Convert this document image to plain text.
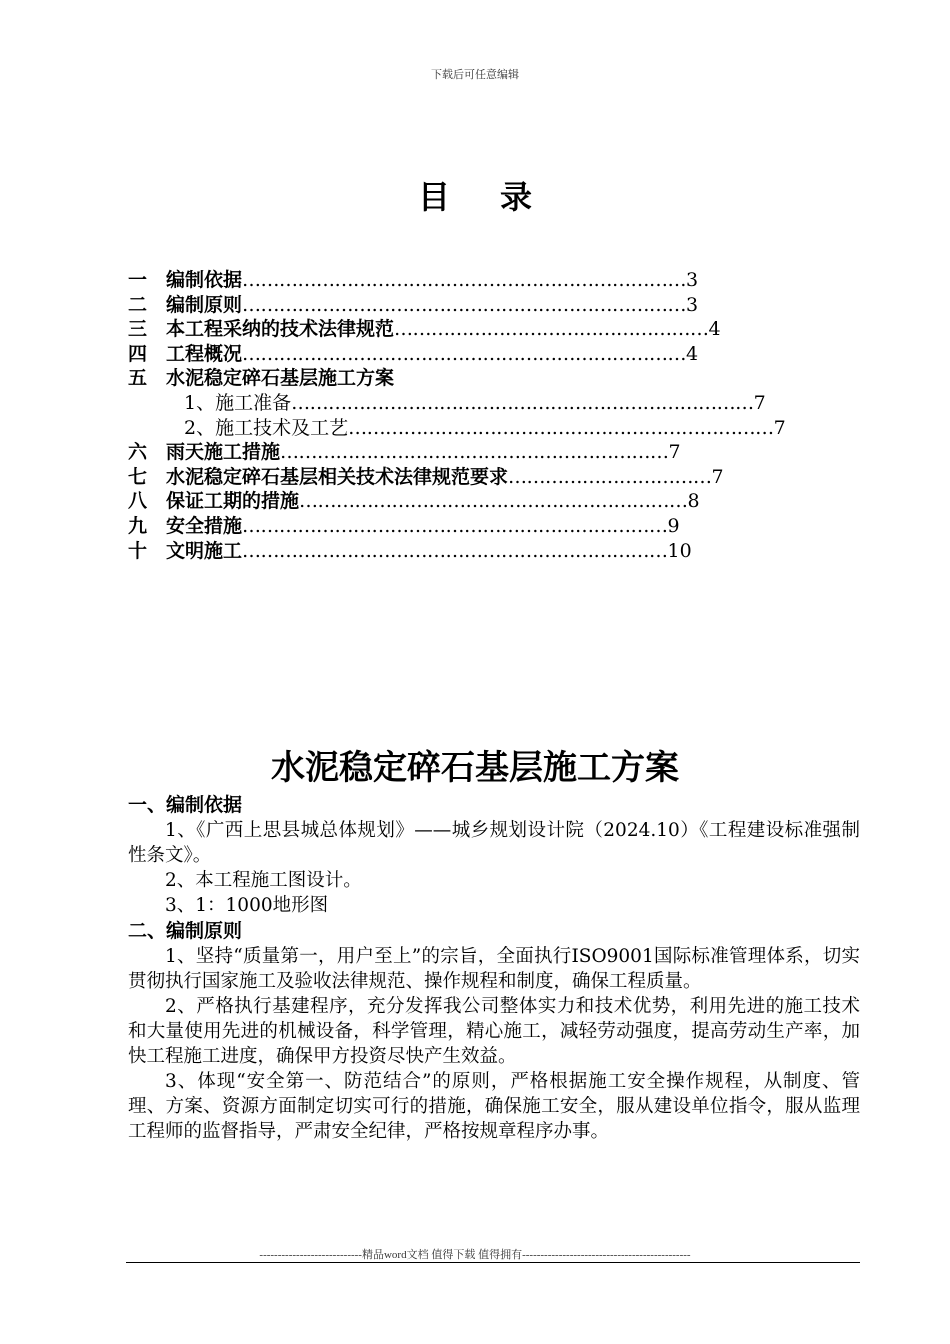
下载后可任意编辑
目录
一 编制依据 ……………………………………………………………… 3
二 编制原则 ……………………………………………………………… 3
三 本工程采纳的技术法律规范 …………………………………………… 4
四 工程概况 ……………………………………………………………… 4
五 水泥稳定碎石基层施工方案
1、施工准备 ………………………………………………………………… 7
2、施工技术及工艺 …………………………………………………………… 7
六 雨天施工措施 ……………………………………………………… 7
七 水泥稳定碎石基层相关技术法律规范要求 …………………………… 7
八 保证工期的措施 ……………………………………………………… 8
九 安全措施 …………………………………………………………… 9
十 文明施工 …………………………………………………………… 10
水泥稳定碎石基层施工方案
一、编制依据
1、《广西上思县城总体规划》——城乡规划设计院（2024.10）《工程建设标准强制性条文》。
2、本工程施工图设计。
3、1：1000地形图
二、编制原则
1、坚持“质量第一，用户至上”的宗旨，全面执行ISO9001国际标准管理体系，切实贯彻执行国家施工及验收法律规范、操作规程和制度，确保工程质量。
2、严格执行基建程序，充分发挥我公司整体实力和技术优势，利用先进的施工技术和大量使用先进的机械设备，科学管理，精心施工，减轻劳动强度，提高劳动生产率，加快工程施工进度，确保甲方投资尽快产生效益。
3、体现“安全第一、防范结合”的原则，严格根据施工安全操作规程，从制度、管理、方案、资源方面制定切实可行的措施，确保施工安全，服从建设单位指令，服从监理工程师的监督指导，严肃安全纪律，严格按规章程序办事。
----------------------------精品word文档 值得下载 值得拥有----------------------------------------------
